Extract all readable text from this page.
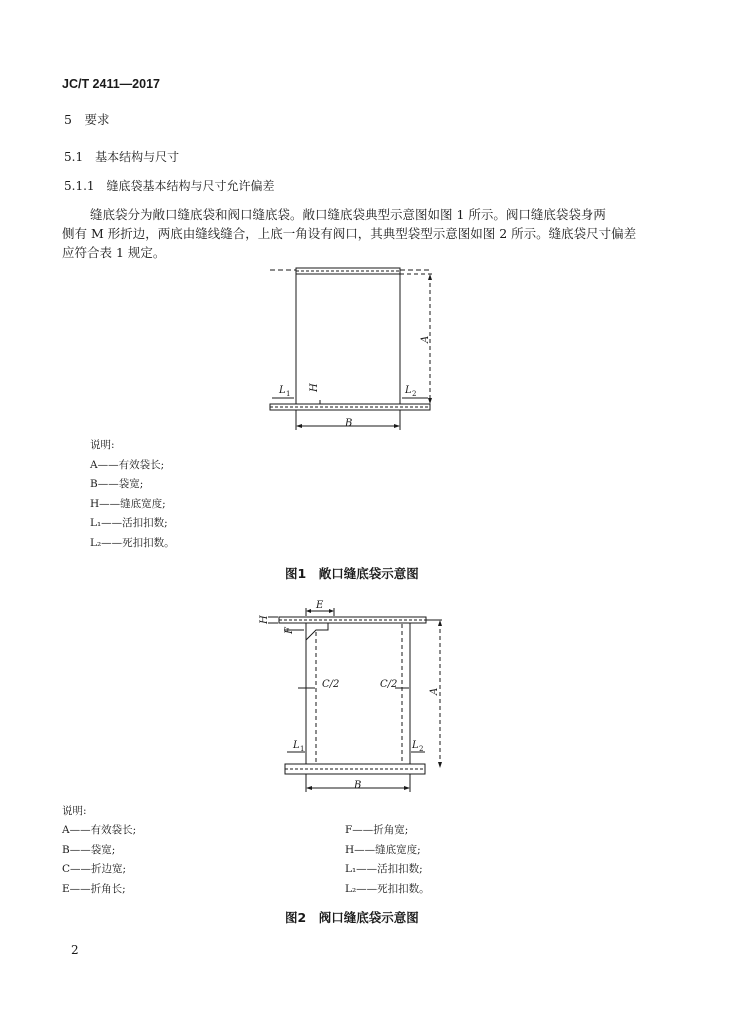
JC/T 2411—2017
5　要求
5.1　基本结构与尺寸
5.1.1　缝底袋基本结构与尺寸允许偏差

缝底袋分为敞口缝底袋和阀口缝底袋。敞口缝底袋典型示意图如图 1 所示。阀口缝底袋袋身两

侧有 M 形折边，两底由缝线缝合，上底一角设有阀口，其典型袋型示意图如图 2 所示。缝底袋尺寸偏差

应符合表 1 规定。

A
B
H
L 1	L 2
说明:
A——有效袋长;
B——袋宽;
H——缝底宽度;
L₁——活扣扣数;
L₂——死扣扣数。
图1　敞口缝底袋示意图
E
H
F
C/2	C/2
A
L 1	L 2
B
说明:
A——有效袋长;
B——袋宽;
C——折边宽;
E——折角长;
F——折角宽;
H——缝底宽度;
L₁——活扣扣数;
L₂——死扣扣数。
图2　阀口缝底袋示意图
2
